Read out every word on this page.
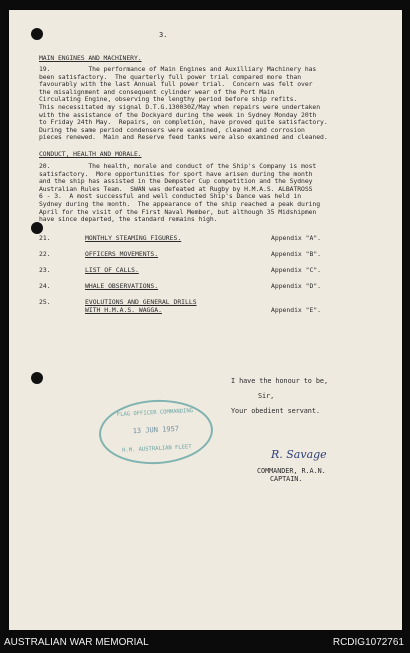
3.
MAIN ENGINES AND MACHINERY.
19.          The performance of Main Engines and Auxilliary Machinery has
been satisfactory.  The quarterly full power trial compared more than
favourably with the last Annual full power trial.  Concern was felt over
the misalignment and consequent cylinder wear of the Port Main
Circulating Engine, observing the lengthy period before ship refits.
This necessitated my signal D.T.G.130030Z/May when repairs were undertaken
with the assistance of the Dockyard during the week in Sydney Monday 20th
to Friday 24th May.  Repairs, on completion, have proved quite satisfactory.
During the same period condensers were examined, cleaned and corrosion
pieces renewed.  Main and Reserve feed tanks were also examined and cleaned.
CONDUCT, HEALTH AND MORALE.
20.          The health, morale and conduct of the Ship's Company is most
satisfactory.  More opportunities for sport have arisen during the month
and the ship has assisted in the Dempster Cup competition and the Sydney
Australian Rules Team.  SWAN was defeated at Rugby by H.M.A.S. ALBATROSS
6 - 3.  A most successful and well conducted Ship's Dance was held in
Sydney during the month.  The appearance of the ship reached a peak during
April for the visit of the First Naval Member, but although 35 Midshipmen
have since departed, the standard remains high.
21.	MONTHLY STEAMING FIGURES.	Appendix "A".
22.	OFFICERS MOVEMENTS.	Appendix "B".
23.	LIST OF CALLS.	Appendix "C".
24.	WHALE OBSERVATIONS.	Appendix "D".
25.	EVOLUTIONS AND GENERAL DRILLS
WITH H.M.A.S. WAGGA.	Appendix "E".
I have the honour to be,
Sir,
Your obedient servant.
R. Savage
COMMANDER, R.A.N.
CAPTAIN.
FLAG OFFICER COMMANDING
13 JUN 1957
H.M. AUSTRALIAN FLEET
AUSTRALIAN WAR MEMORIAL	RCDIG1072761
